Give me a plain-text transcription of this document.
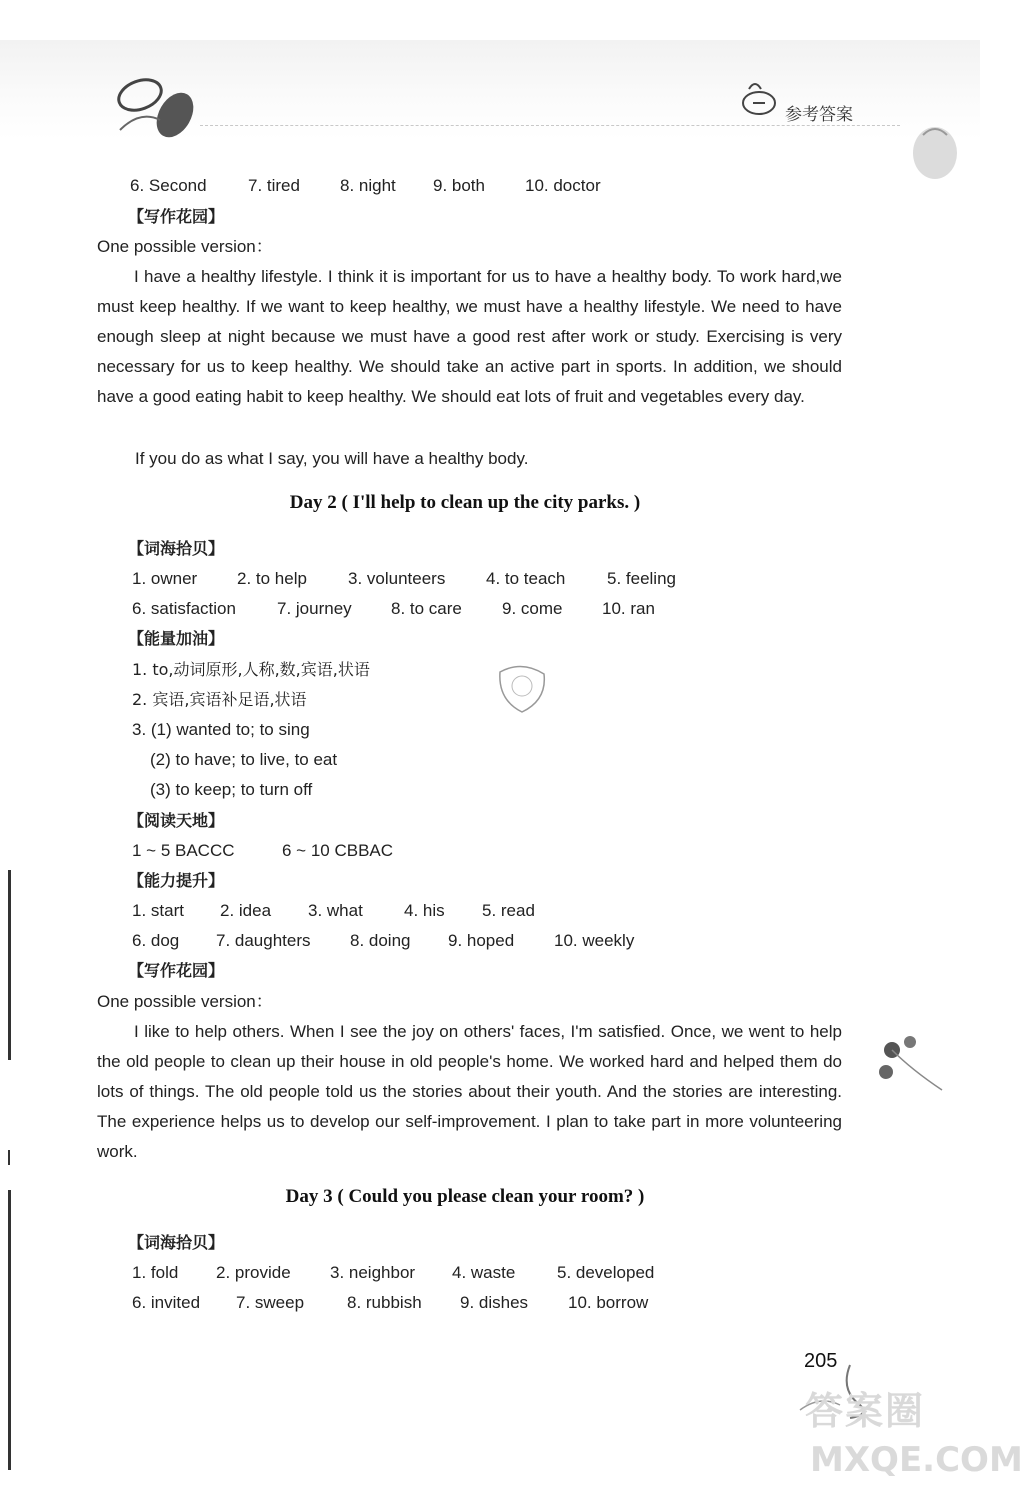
参考答案
6. Second 7. tired 8. night 9. both 10. doctor
【写作花园】
One possible version：
I have a healthy lifestyle. I think it is important for us to have a healthy body. To work hard,we must keep healthy. If we want to keep healthy, we must have a healthy lifestyle. We need to have enough sleep at night because we must have a good rest after work or study. Exercising is very necessary for us to keep healthy. We should take an active part in sports. In addition, we should have a good eating habit to keep healthy. We should eat lots of fruit and vegetables every day.
If you do as what I say, you will have a healthy body.
Day 2 ( I'll help to clean up the city parks. )
【词海拾贝】
1. owner 2. to help 3. volunteers 4. to teach 5. feeling
6. satisfaction 7. journey 8. to care 9. come 10. ran
【能量加油】
1. to,动词原形,人称,数,宾语,状语
2. 宾语,宾语补足语,状语
3. (1) wanted to; to sing
(2) to have; to live, to eat
(3) to keep; to turn off
【阅读天地】
1 ~ 5 BACCC	6 ~ 10 CBBAC
【能力提升】
1. start 2. idea 3. what 4. his 5. read
6. dog 7. daughters 8. doing 9. hoped 10. weekly
【写作花园】
One possible version：
I like to help others. When I see the joy on others' faces, I'm satisfied. Once, we went to help the old people to clean up their house in old people's home. We worked hard and helped them do lots of things. The old people told us the stories about their youth. And the stories are interesting. The experience helps us to develop our self-improvement. I plan to take part in more volunteering work.
Day 3 ( Could you please clean your room? )
【词海拾贝】
1. fold 2. provide 3. neighbor 4. waste 5. developed
6. invited 7. sweep	8. rubbish 9. dishes 10. borrow
205
答案圈
MXQE.COM
